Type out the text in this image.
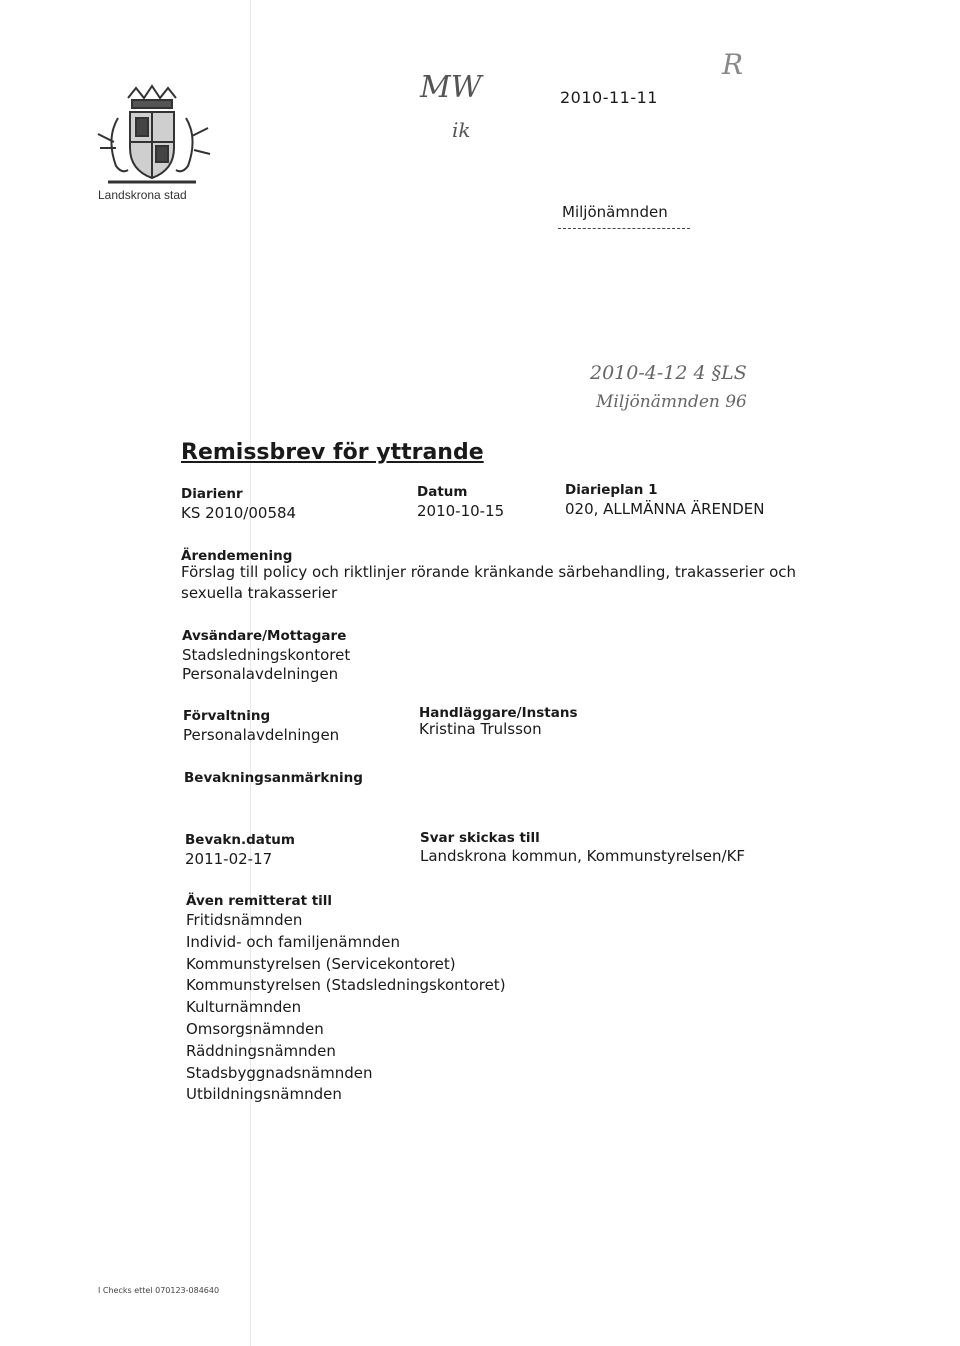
Landskrona stad
MW
ik
R
2010-11-11
Miljönämnden
2010-4-12 4 §LS
Miljönämnden 96
Remissbrev för yttrande
Diarienr
KS 2010/00584
Datum
2010-10-15
Diarieplan 1
020, ALLMÄNNA ÄRENDEN
Ärendemening
Förslag till policy och riktlinjer rörande kränkande särbehandling, trakasserier och sexuella trakasserier
Avsändare/Mottagare
Stadsledningskontoret
Personalavdelningen
Förvaltning
Personalavdelningen
Handläggare/Instans
Kristina Trulsson
Bevakningsanmärkning
Bevakn.datum
2011-02-17
Svar skickas till
Landskrona kommun, Kommunstyrelsen/KF
Även remitterat till
Fritidsnämnden
Individ- och familjenämnden
Kommunstyrelsen (Servicekontoret)
Kommunstyrelsen (Stadsledningskontoret)
Kulturnämnden
Omsorgsnämnden
Räddningsnämnden
Stadsbyggnadsnämnden
Utbildningsnämnden
I Checks ettel 070123-084640
